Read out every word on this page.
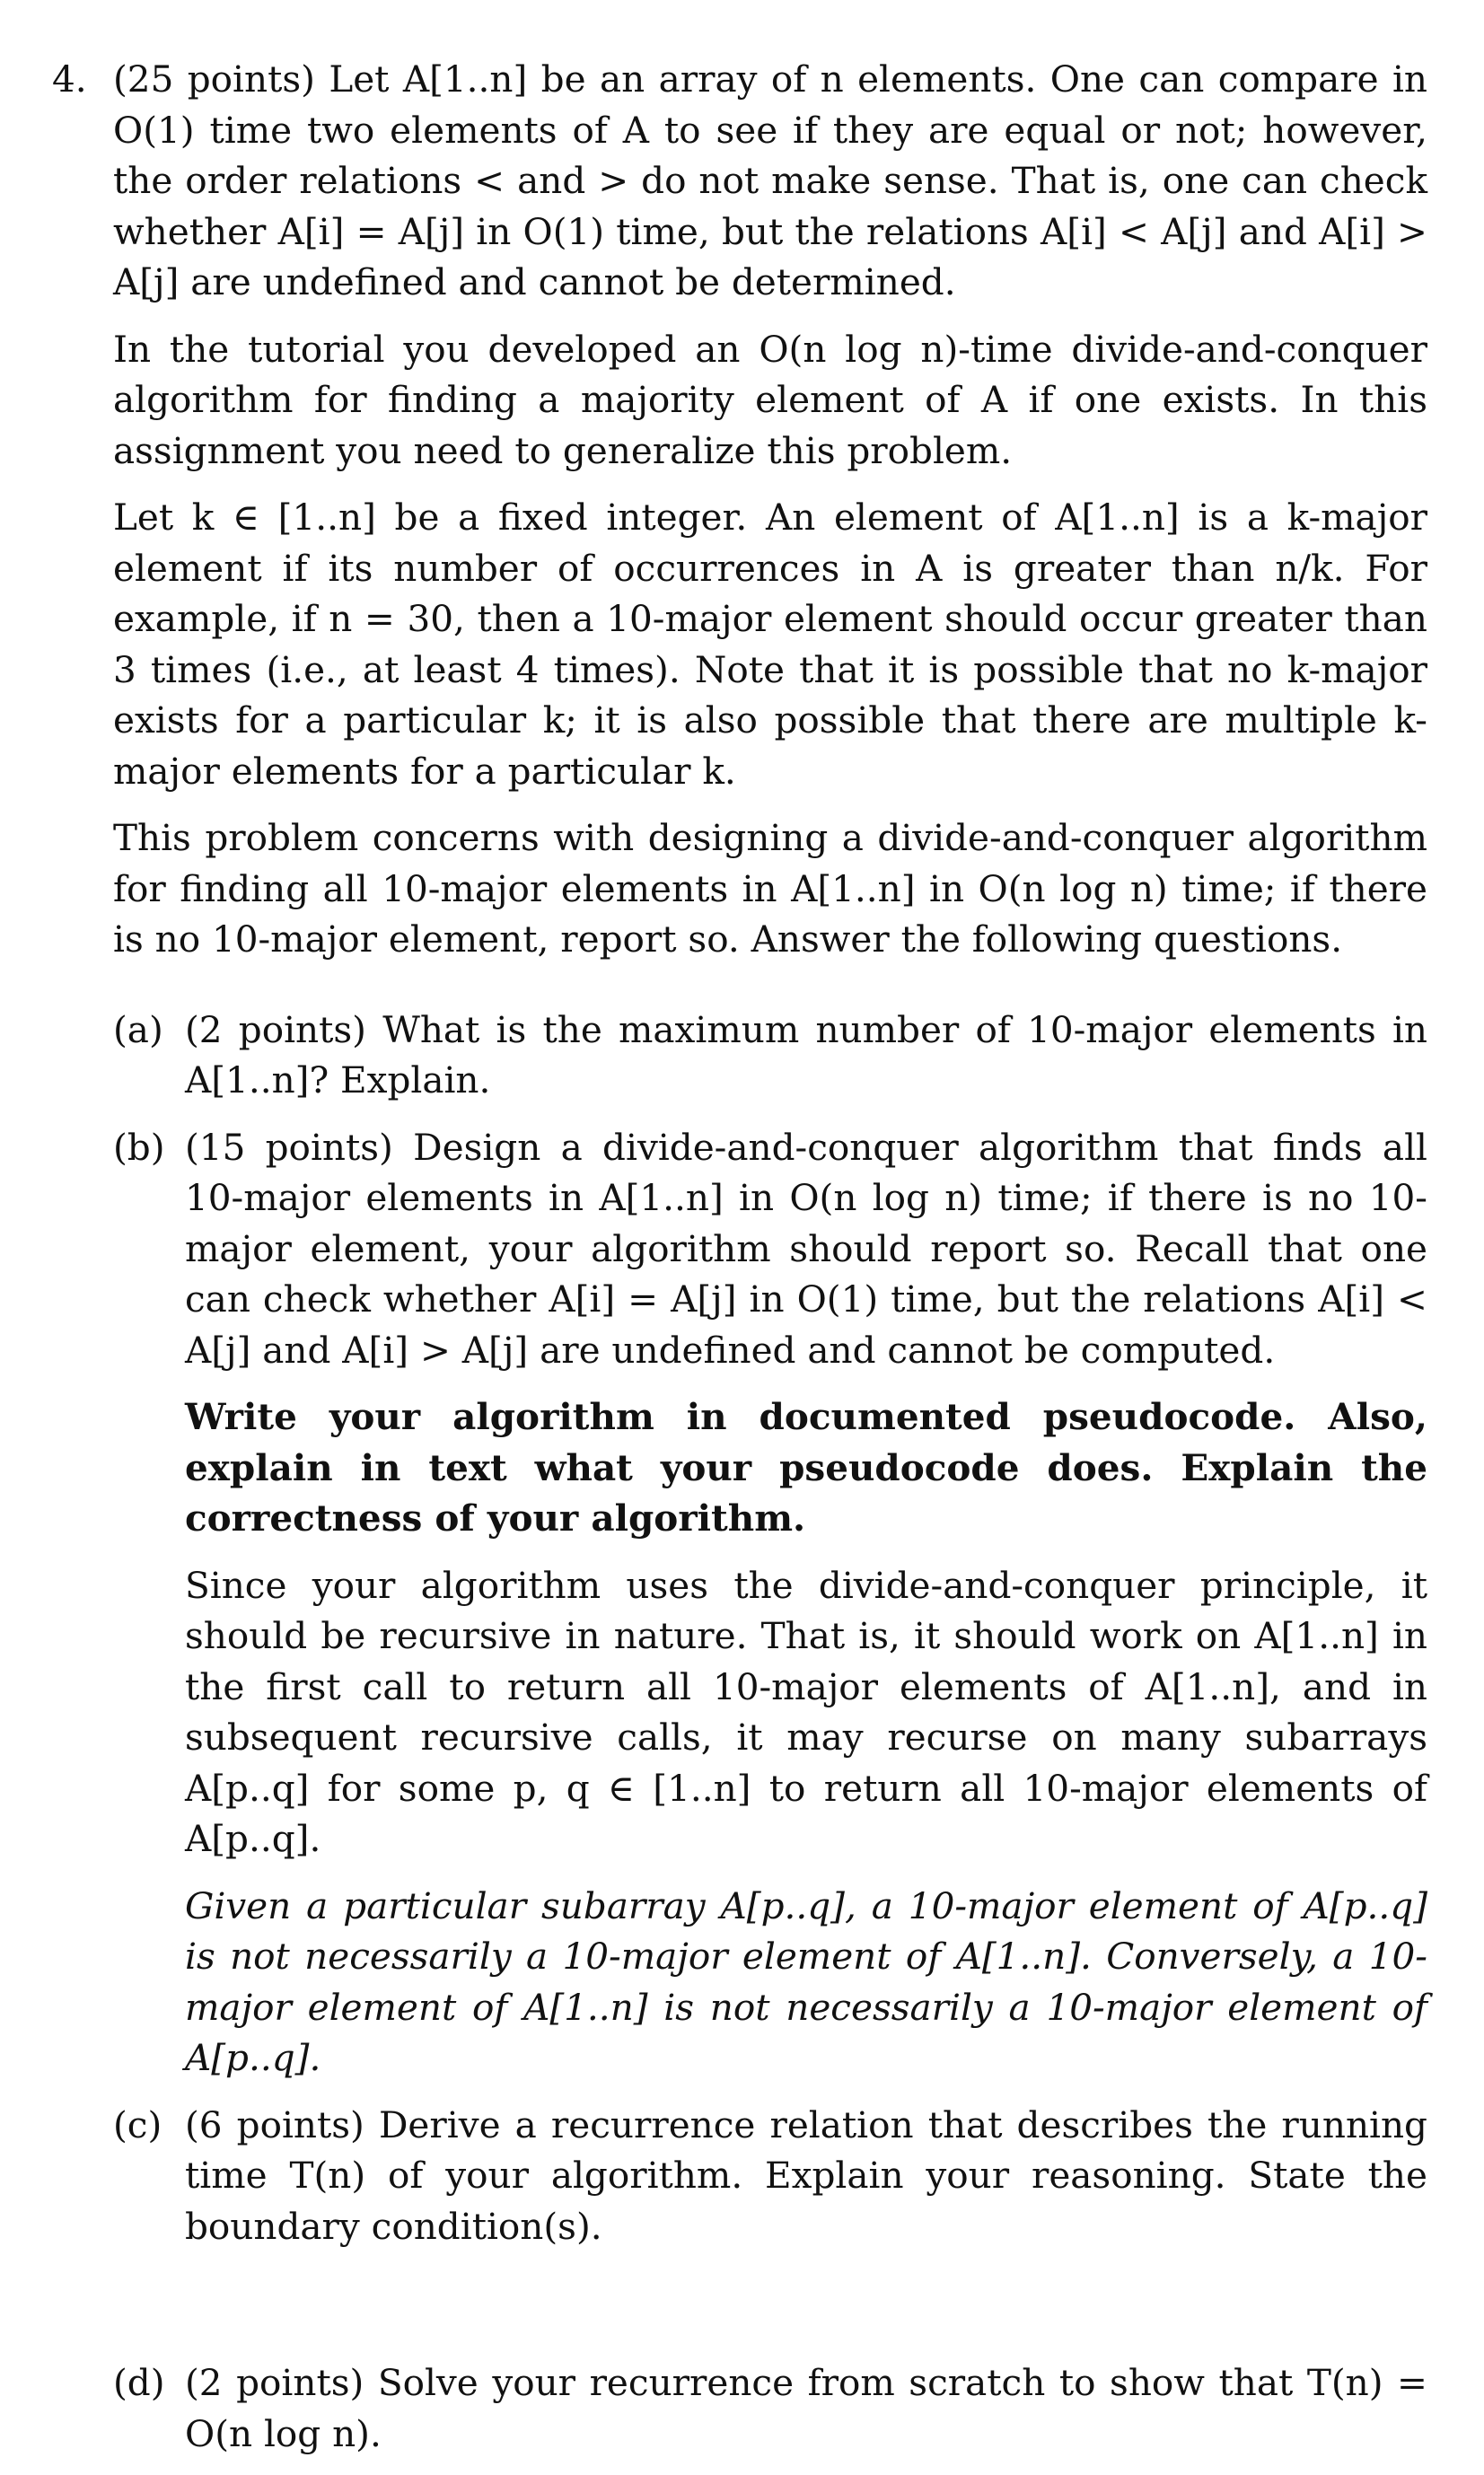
4. (25 points) Let A[1..n] be an array of n elements. One can compare in O(1) time two elements of A to see if they are equal or not; however, the order relations < and > do not make sense. That is, one can check whether A[i] = A[j] in O(1) time, but the relations A[i] < A[j] and A[i] > A[j] are undefined and cannot be determined.

In the tutorial you developed an O(n log n)-time divide-and-conquer algorithm for finding a majority element of A if one exists. In this assignment you need to generalize this problem.

Let k ∈ [1..n] be a fixed integer. An element of A[1..n] is a k-major element if its number of occurrences in A is greater than n/k. For example, if n = 30, then a 10-major element should occur greater than 3 times (i.e., at least 4 times). Note that it is possible that no k-major exists for a particular k; it is also possible that there are multiple k-major elements for a particular k.

This problem concerns with designing a divide-and-conquer algorithm for finding all 10-major elements in A[1..n] in O(n log n) time; if there is no 10-major element, report so. Answer the following questions.

(a) (2 points) What is the maximum number of 10-major elements in A[1..n]? Explain.

(b) (15 points) Design a divide-and-conquer algorithm that finds all 10-major elements in A[1..n] in O(n log n) time; if there is no 10-major element, your algorithm should report so. Recall that one can check whether A[i] = A[j] in O(1) time, but the relations A[i] < A[j] and A[i] > A[j] are undefined and cannot be computed.

Write your algorithm in documented pseudocode. Also, explain in text what your pseudocode does. Explain the correctness of your algorithm.

Since your algorithm uses the divide-and-conquer principle, it should be recursive in nature. That is, it should work on A[1..n] in the first call to return all 10-major elements of A[1..n], and in subsequent recursive calls, it may recurse on many subarrays A[p..q] for some p, q ∈ [1..n] to return all 10-major elements of A[p..q].

Given a particular subarray A[p..q], a 10-major element of A[p..q] is not necessarily a 10-major element of A[1..n]. Conversely, a 10-major element of A[1..n] is not necessarily a 10-major element of A[p..q].

(c) (6 points) Derive a recurrence relation that describes the running time T(n) of your algorithm. Explain your reasoning. State the boundary condition(s).

(d) (2 points) Solve your recurrence from scratch to show that T(n) = O(n log n).
